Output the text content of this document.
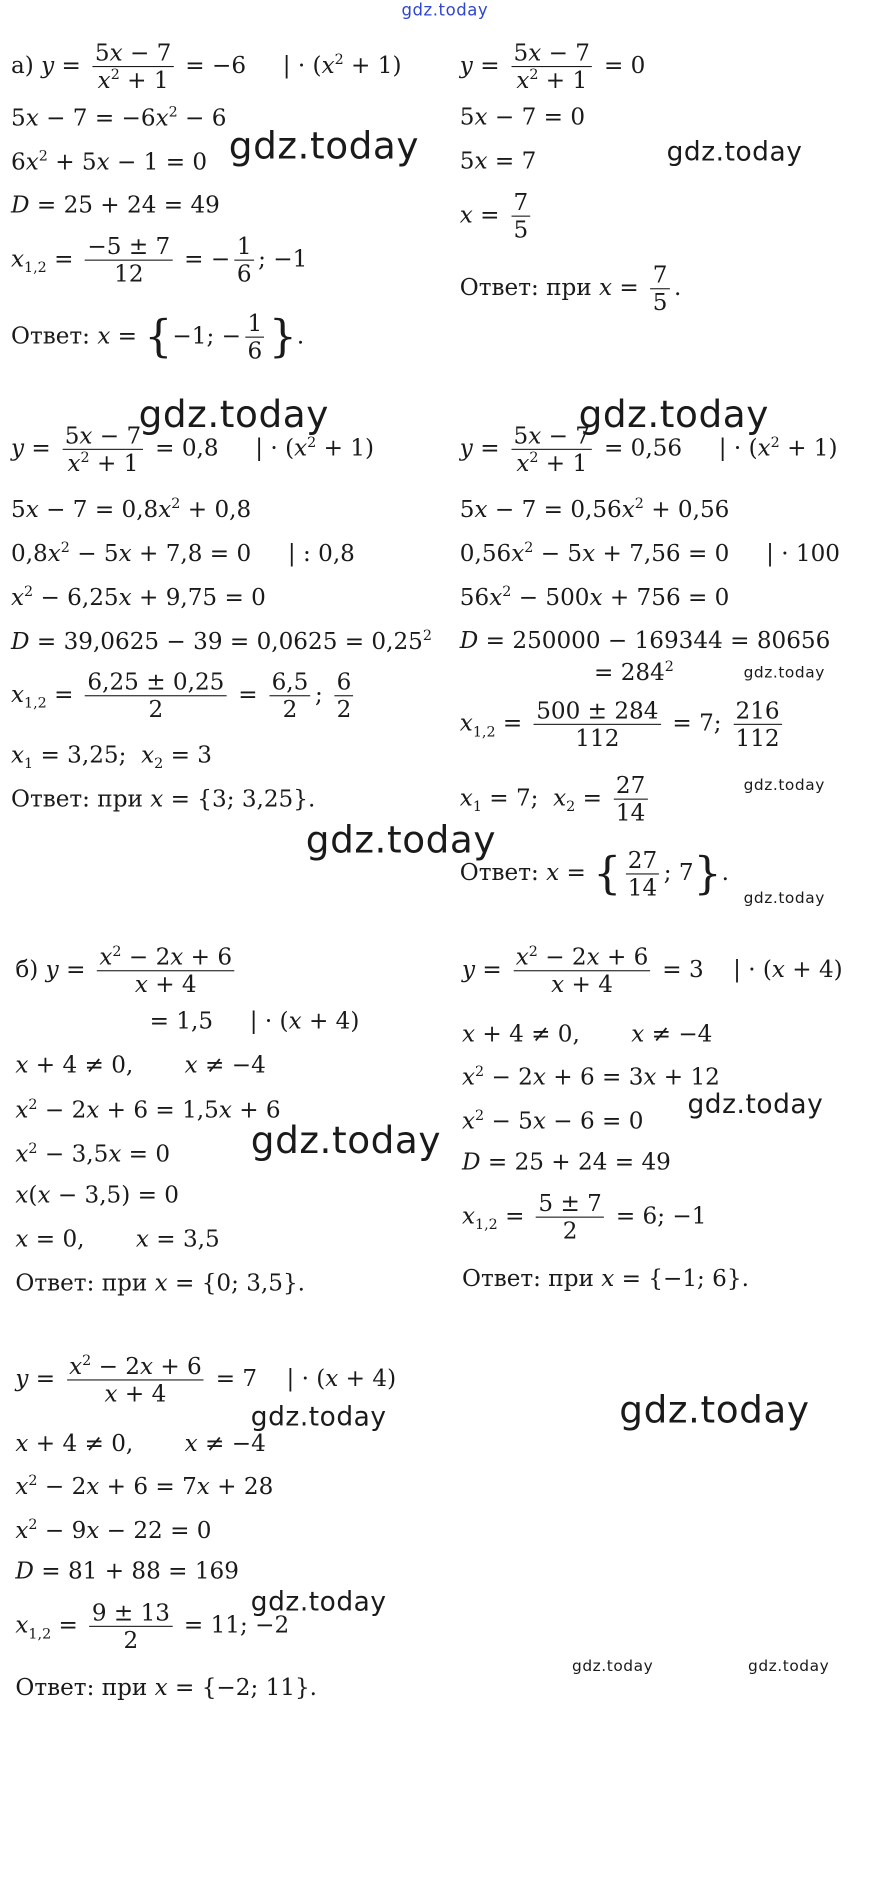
gdz.today
gdz.today	gdz.today
gdz.today	gdz.today
gdz.today
gdz.today
gdz.today
gdz.today
gdz.today
gdz.today
gdz.today
gdz.today
gdz.today
gdz.today	gdz.today
а) $y = \frac{5x - 7}{x^2 + 1} = -6$     | · $(x^2 + 1)$
$5x - 7 = -6x^2 - 6$
$6x^2 + 5x - 1 = 0$
D = 25 + 24 = 49
$x_{1,2} = \frac{-5 \pm 7}{12}$ = − $\frac{1}{6}$ ; −1
Ответ: x = {−1; − $\frac{1}{6}$ }.
$y = \frac{5x - 7}{x^2 + 1} = 0$
5x − 7 = 0
5x = 7
$x = \frac{7}{5}$
Ответ: при $x = \frac{7}{5}$ .
$y = \frac{5x - 7}{x^2 + 1} = 0,8$     | · $(x^2 + 1)$
$5x - 7 = 0,8x^2 + 0,8$
$0,8x^2 - 5x + 7,8 = 0$     | : 0,8
$x^2 - 6,25x + 9,75 = 0$
$D = 39,0625 - 39 = 0,0625 = 0,25^2$
$x_{1,2} = \frac{6,25 \pm 0,25}{2} = \frac{6,5}{2}$ ; $\frac{6}{2}$
$x_1 = 3,25$;  $x_2 = 3$
Ответ: при x = {3; 3,25}.
$y = \frac{5x - 7}{x^2 + 1} = 0,56$     | · $(x^2 + 1)$
$5x - 7 = 0,56x^2 + 0,56$
$0,56x^2 - 5x + 7,56 = 0$     | · 100
$56x^2 - 500x + 756 = 0$
D = 250000 − 169344 = 80656
= $284^2$
$x_{1,2} = \frac{500 \pm 284}{112} = 7$; $\frac{216}{112}$
$x_1 = 7$;  $x_2 = \frac{27}{14}$
Ответ: x = { $\frac{27}{14}$ ; 7}.
б) $y = \frac{x^2 - 2x + 6}{x + 4}$
= 1,5     | · (x + 4)
x + 4 ≠ 0,       x ≠ −4
$x^2 - 2x + 6 = 1,5x + 6$
$x^2 - 3,5x = 0$
x(x − 3,5) = 0
x = 0,       x = 3,5
Ответ: при x = {0; 3,5}.
$y = \frac{x^2 - 2x + 6}{x + 4} = 3$    | · (x + 4)
x + 4 ≠ 0,       x ≠ −4
$x^2 - 2x + 6 = 3x + 12$
$x^2 - 5x - 6 = 0$
D = 25 + 24 = 49
$x_{1,2} = \frac{5 \pm 7}{2} = 6$; −1
Ответ: при x = {−1; 6}.
$y = \frac{x^2 - 2x + 6}{x + 4} = 7$    | · (x + 4)
x + 4 ≠ 0,       x ≠ −4
$x^2 - 2x + 6 = 7x + 28$
$x^2 - 9x - 22 = 0$
D = 81 + 88 = 169
$x_{1,2} = \frac{9 \pm 13}{2} = 11$; −2
Ответ: при x = {−2; 11}.
